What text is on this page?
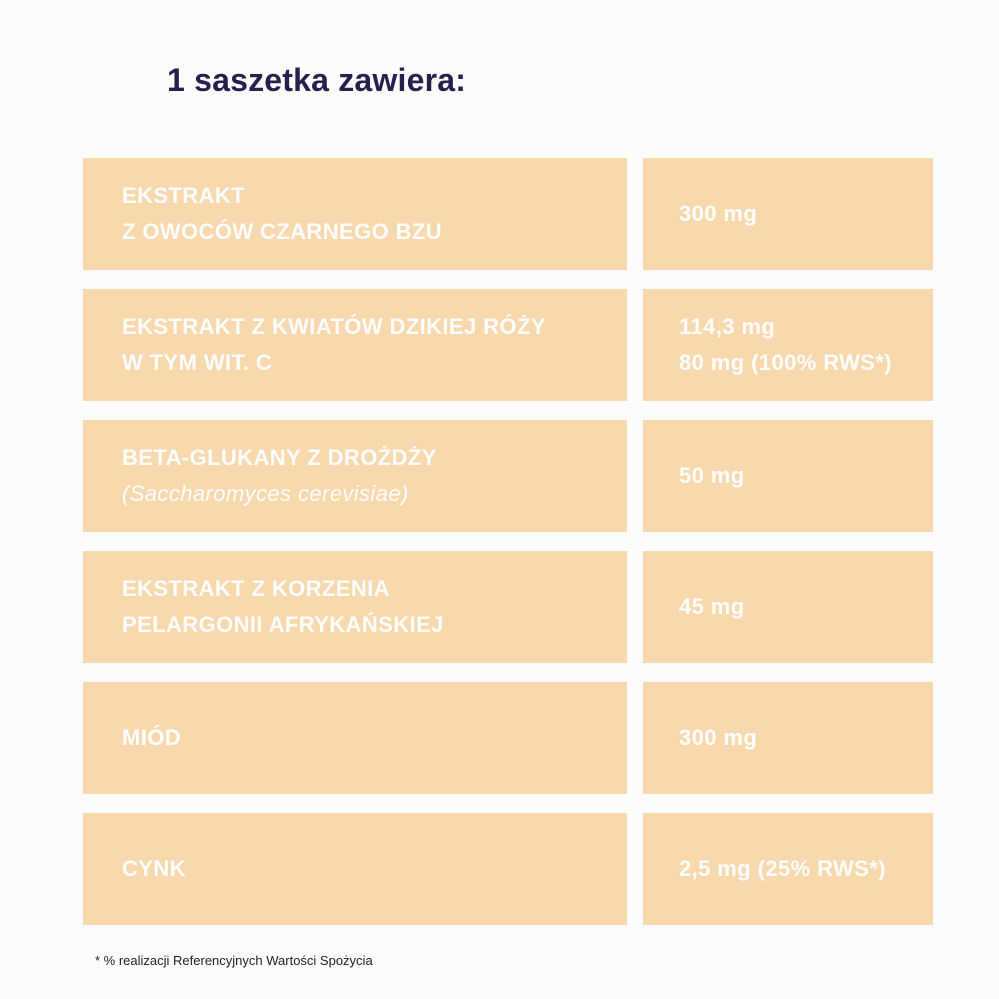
1 saszetka zawiera:
EKSTRAKT
Z OWOCÓW CZARNEGO BZU
300 mg
EKSTRAKT Z KWIATÓW DZIKIEJ RÓŻY
W TYM WIT. C
114,3 mg
80 mg (100% RWS*)
BETA-GLUKANY Z DROŻDŻY
(Saccharomyces cerevisiae)
50 mg
EKSTRAKT Z KORZENIA
PELARGONII AFRYKAŃSKIEJ
45 mg
MIÓD	300 mg
CYNK	2,5 mg (25% RWS*)
* % realizacji Referencyjnych Wartości Spożycia
